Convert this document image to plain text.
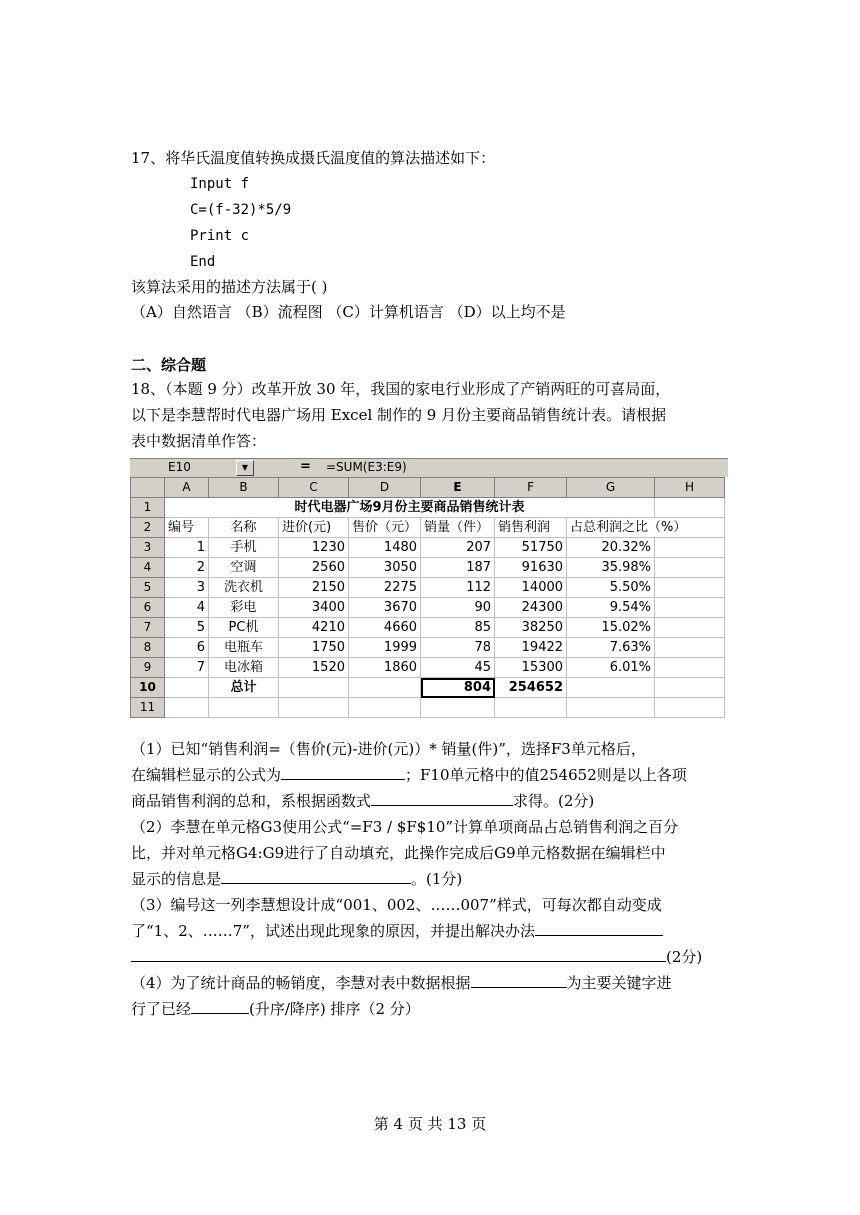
17、将华氏温度值转换成摄氏温度值的算法描述如下：
Input f
C=(f-32)*5/9
Print c
End
该算法采用的描述方法属于( )
（A）自然语言 （B）流程图 （C）计算机语言 （D）以上均不是
二、综合题
18、（本题 9 分）改革开放 30 年，我国的家电行业形成了产销两旺的可喜局面，
以下是李慧帮时代电器广场用 Excel 制作的 9 月份主要商品销售统计表。请根据
表中数据清单作答：
E10	▼	= =SUM(E3:E9)
	A	B	C	D	E	F	G	H
1	时代电器广场9月份主要商品销售统计表							
2	编号	名称	进价(元)	售价（元）	销量（件）	销售利润	占总利润之比（%）	
3	1	手机	1230	1480	207	51750	20.32%	
4	2	空调	2560	3050	187	91630	35.98%	
5	3	洗衣机	2150	2275	112	14000	5.50%	
6	4	彩电	3400	3670	90	24300	9.54%	
7	5	PC机	4210	4660	85	38250	15.02%	
8	6	电瓶车	1750	1999	78	19422	7.63%	
9	7	电冰箱	1520	1860	45	15300	6.01%	
10		总计			804	254652		
11								
（1）已知“销售利润=（售价(元)-进价(元)）* 销量(件)”，选择F3单元格后，
在编辑栏显示的公式为	；F10单元格中的值254652则是以上各项
商品销售利润的总和，系根据函数式	求得。(2分)
（2）李慧在单元格G3使用公式“=F3 / $F$10”计算单项商品占总销售利润之百分
比，并对单元格G4:G9进行了自动填充，此操作完成后G9单元格数据在编辑栏中
显示的信息是	。(1分)
（3）编号这一列李慧想设计成“001、002、……007”样式，可每次都自动变成
了“1、2、……7”，试述出现此现象的原因，并提出解决办法
(2分)
（4）为了统计商品的畅销度，李慧对表中数据根据	为主要关键字进
行了已经	(升序/降序) 排序（2 分）
第 4 页 共 13 页
